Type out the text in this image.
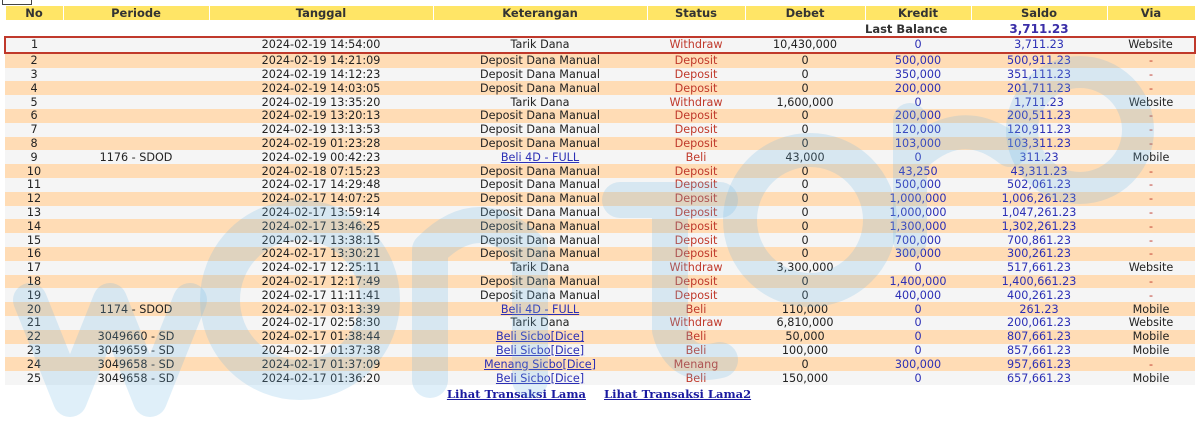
No	Periode	Tanggal	Keterangan	Status	Debet	Kredit	Saldo	Via
						Last Balance	3,711.23	
1		2024-02-19 14:54:00	Tarik Dana	Withdraw	10,430,000	0	3,711.23	Website
2		2024-02-19 14:21:09	Deposit Dana Manual	Deposit	0	500,000	500,911.23	-
3		2024-02-19 14:12:23	Deposit Dana Manual	Deposit	0	350,000	351,111.23	-
4		2024-02-19 14:03:05	Deposit Dana Manual	Deposit	0	200,000	201,711.23	-
5		2024-02-19 13:35:20	Tarik Dana	Withdraw	1,600,000	0	1,711.23	Website
6		2024-02-19 13:20:13	Deposit Dana Manual	Deposit	0	200,000	200,511.23	-
7		2024-02-19 13:13:53	Deposit Dana Manual	Deposit	0	120,000	120,911.23	-
8		2024-02-19 01:23:28	Deposit Dana Manual	Deposit	0	103,000	103,311.23	-
9	1176 - SDOD	2024-02-19 00:42:23	Beli 4D - FULL	Beli	43,000	0	311.23	Mobile
10		2024-02-18 07:15:23	Deposit Dana Manual	Deposit	0	43,250	43,311.23	-
11		2024-02-17 14:29:48	Deposit Dana Manual	Deposit	0	500,000	502,061.23	-
12		2024-02-17 14:07:25	Deposit Dana Manual	Deposit	0	1,000,000	1,006,261.23	-
13		2024-02-17 13:59:14	Deposit Dana Manual	Deposit	0	1,000,000	1,047,261.23	-
14		2024-02-17 13:46:25	Deposit Dana Manual	Deposit	0	1,300,000	1,302,261.23	-
15		2024-02-17 13:38:15	Deposit Dana Manual	Deposit	0	700,000	700,861.23	-
16		2024-02-17 13:30:21	Deposit Dana Manual	Deposit	0	300,000	300,261.23	-
17		2024-02-17 12:25:11	Tarik Dana	Withdraw	3,300,000	0	517,661.23	Website
18		2024-02-17 12:17:49	Deposit Dana Manual	Deposit	0	1,400,000	1,400,661.23	-
19		2024-02-17 11:11:41	Deposit Dana Manual	Deposit	0	400,000	400,261.23	-
20	1174 - SDOD	2024-02-17 03:13:39	Beli 4D - FULL	Beli	110,000	0	261.23	Mobile
21		2024-02-17 02:58:30	Tarik Dana	Withdraw	6,810,000	0	200,061.23	Website
22	3049660 - SD	2024-02-17 01:38:44	Beli Sicbo[Dice]	Beli	50,000	0	807,661.23	Mobile
23	3049659 - SD	2024-02-17 01:37:38	Beli Sicbo[Dice]	Beli	100,000	0	857,661.23	Mobile
24	3049658 - SD	2024-02-17 01:37:09	Menang Sicbo[Dice]	Menang	0	300,000	957,661.23	-
25	3049658 - SD	2024-02-17 01:36:20	Beli Sicbo[Dice]	Beli	150,000	0	657,661.23	Mobile
Lihat Transaksi Lama Lihat Transaksi Lama2
